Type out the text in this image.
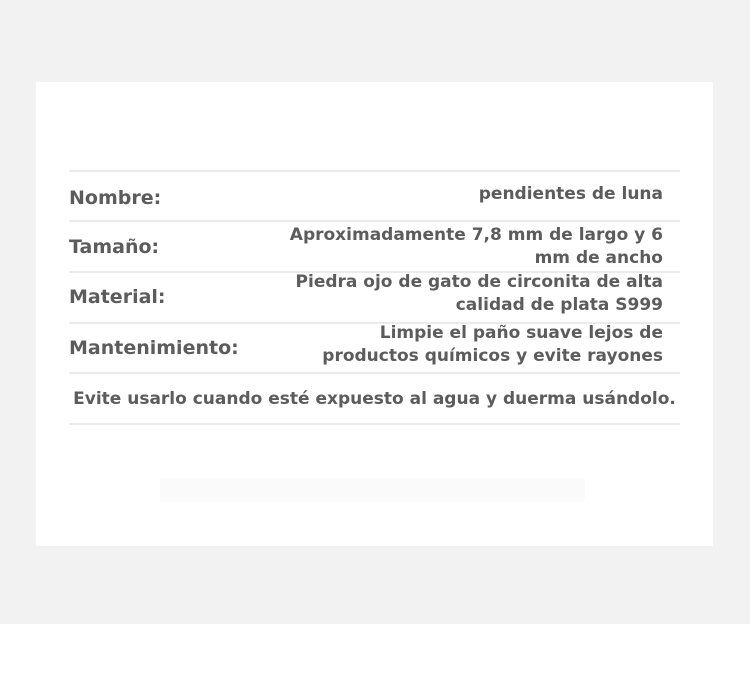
Nombre:	pendientes de luna
Tamaño:
Aproximadamente 7,8 mm de largo y 6 mm de ancho
Material:
Piedra ojo de gato de circonita de alta calidad de plata S999
Mantenimiento:
Limpie el paño suave lejos de productos químicos y evite rayones
Evite usarlo cuando esté expuesto al agua y duerma usándolo.
